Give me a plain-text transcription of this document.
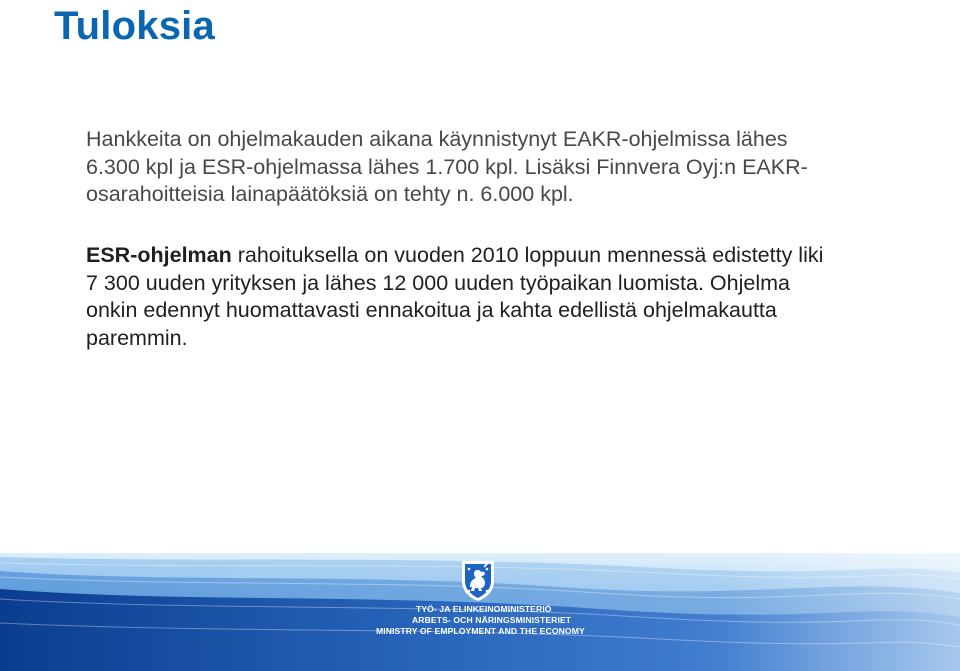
Tuloksia
Hankkeita on ohjelmakauden aikana käynnistynyt EAKR-ohjelmissa lähes
6.300 kpl ja ESR-ohjelmassa lähes 1.700 kpl. Lisäksi Finnvera Oyj:n EAKR-
osarahoitteisia lainapäätöksiä on tehty n. 6.000 kpl.
ESR-ohjelman rahoituksella on vuoden 2010 loppuun mennessä edistetty liki
7 300 uuden yrityksen ja lähes 12 000 uuden työpaikan luomista. Ohjelma
onkin edennyt huomattavasti ennakoitua ja kahta edellistä ohjelmakautta
paremmin.
TYÖ- JA ELINKEINOMINISTERIÖ
ARBETS- OCH NÄRINGSMINISTERIET
MINISTRY OF EMPLOYMENT AND THE ECONOMY
